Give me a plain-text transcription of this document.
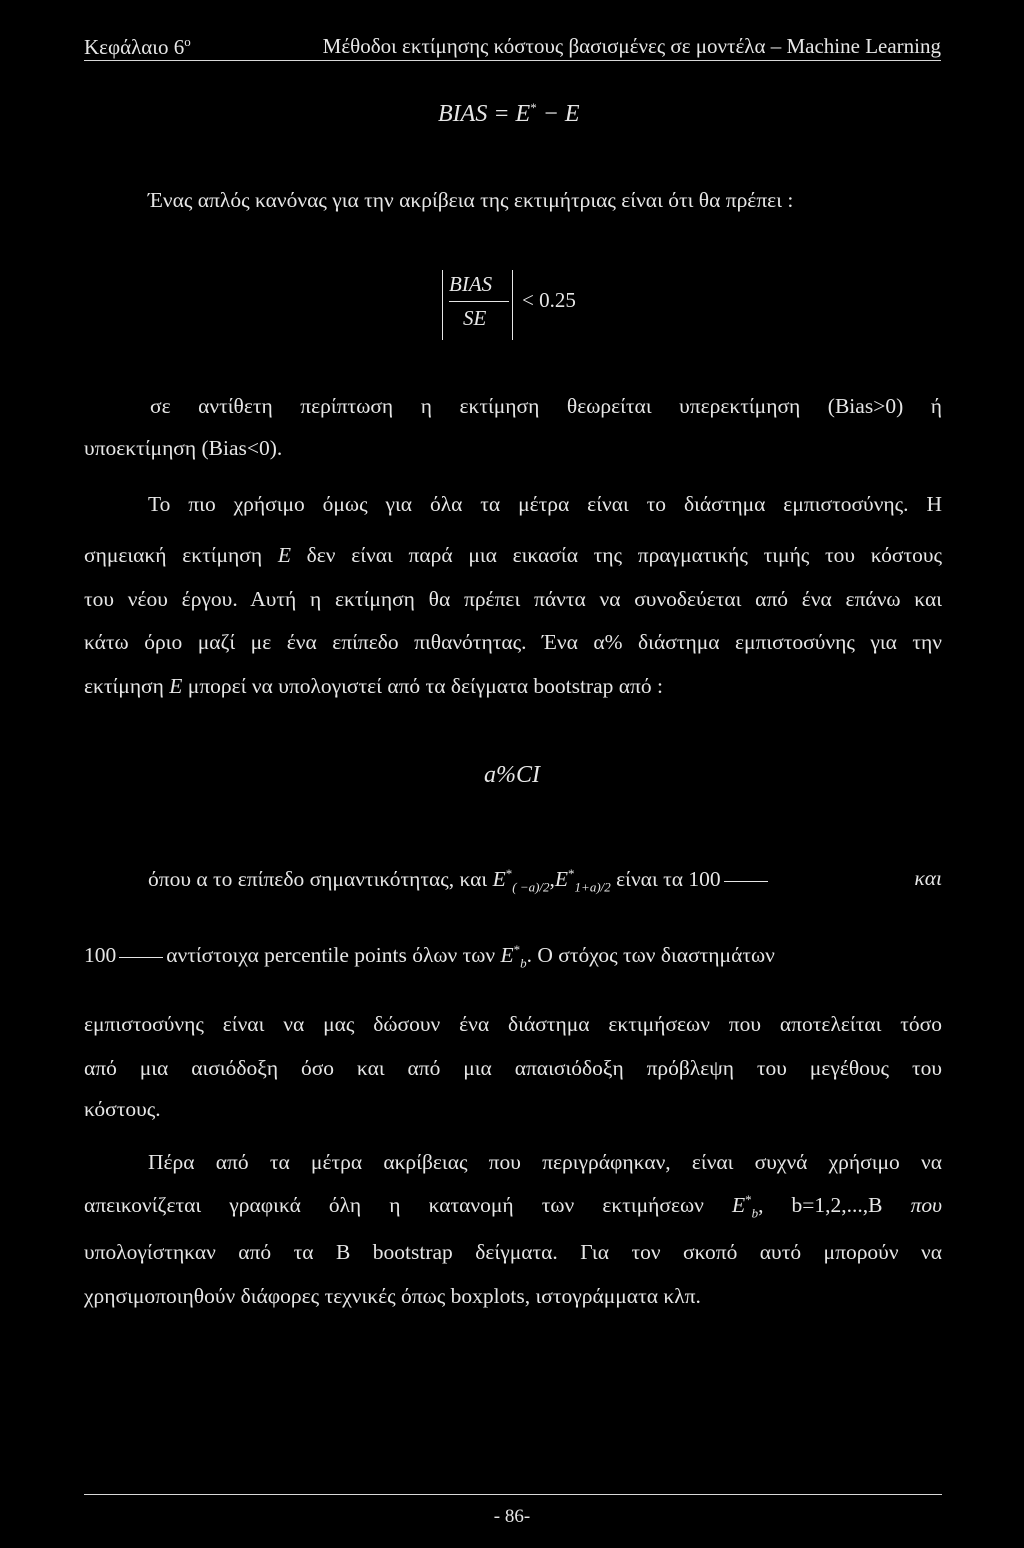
Κεφάλαιο $6^o$	Μέθοδοι εκτίμησης κόστους βασισμένες σε μοντέλα – Machine Learning
BIAS = E* − E
Ένας απλός κανόνας για την ακρίβεια της εκτιμήτριας είναι ότι θα πρέπει :
BIAS
SE
< 0.25
σε αντίθετη περίπτωση η εκτίμηση θεωρείται υπερεκτίμηση (Bias>0) ή
υποεκτίμηση (Bias<0).
Το πιο χρήσιμο όμως για όλα τα μέτρα είναι το διάστημα εμπιστοσύνης. Η
σημειακή εκτίμηση E δεν είναι παρά μια εικασία της πραγματικής τιμής του κόστους
του νέου έργου. Αυτή η εκτίμηση θα πρέπει πάντα να συνοδεύεται από ένα επάνω και
κάτω όριο μαζί με ένα επίπεδο πιθανότητας. Ένα α% διάστημα εμπιστοσύνης για την
εκτίμηση E μπορεί να υπολογιστεί από τα δείγματα bootstrap από :
a%CI
όπου α το επίπεδο σημαντικότητας, και $E^*_{( -a)/2},E^*_{1+a)/2}$ είναι τα 100	και
100 αντίστοιχα percentile points όλων των $E^*_b$. Ο στόχος των διαστημάτων
εμπιστοσύνης είναι να μας δώσουν ένα διάστημα εκτιμήσεων που αποτελείται τόσο
από μια αισιόδοξη όσο και από μια απαισιόδοξη πρόβλεψη του μεγέθους του
κόστους.
Πέρα από τα μέτρα ακρίβειας που περιγράφηκαν, είναι συχνά χρήσιμο να
απεικονίζεται γραφικά όλη η κατανομή των εκτιμήσεων $E^*_b$, b=1,2,...,B που
υπολογίστηκαν από τα B bootstrap δείγματα. Για τον σκοπό αυτό μπορούν να
χρησιμοποιηθούν διάφορες τεχνικές όπως boxplots, ιστογράμματα κλπ.
- 86-
